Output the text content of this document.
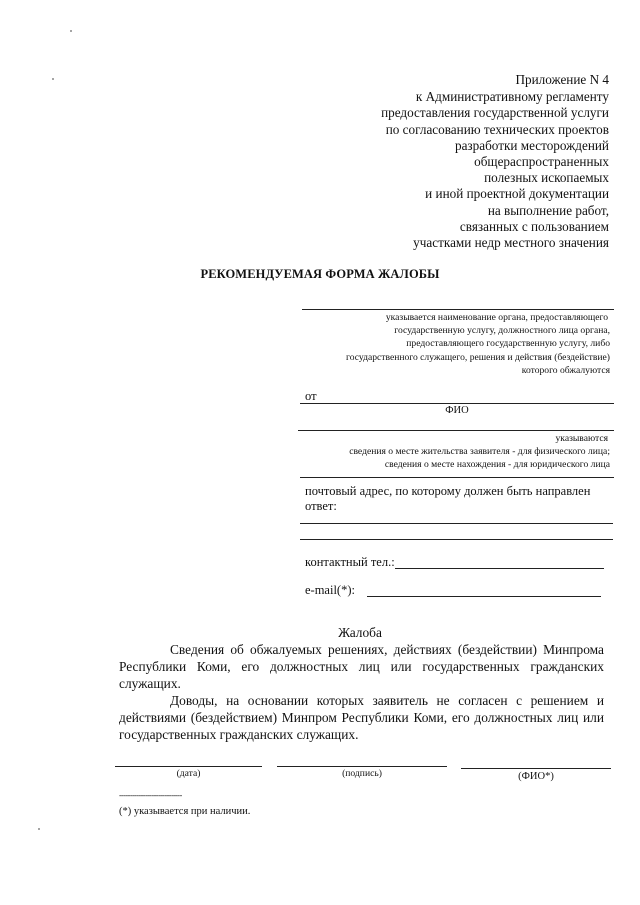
Приложение N 4
к Административному регламенту
предоставления государственной услуги
по согласованию технических проектов
разработки месторождений
общераспространенных
полезных ископаемых
и иной проектной документации
на выполнение работ,
связанных с пользованием
участками недр местного значения
РЕКОМЕНДУЕМАЯ ФОРМА ЖАЛОБЫ
указывается наименование органа, предоставляющего
государственную услугу, должностного лица органа,
предоставляющего государственную услугу, либо
государственного служащего, решения и действия (бездействие)
которого обжалуются
от
ФИО
указываются
сведения о месте жительства заявителя - для физического лица;
сведения о месте нахождения - для юридического лица
почтовый адрес, по которому должен быть направлен
ответ:
контактный тел.:
e-mail(*):
Жалоба
Сведения об обжалуемых решениях, действиях (бездействии) Минпрома Республики Коми, его должностных лиц или государственных гражданских служащих.
Доводы, на основании которых заявитель не согласен с решением и действиями (бездействием) Минпром Республики Коми, его должностных лиц или государственных гражданских служащих.
(дата)	(подпись)	(ФИО*)
-----------------------------
(*) указывается при наличии.
